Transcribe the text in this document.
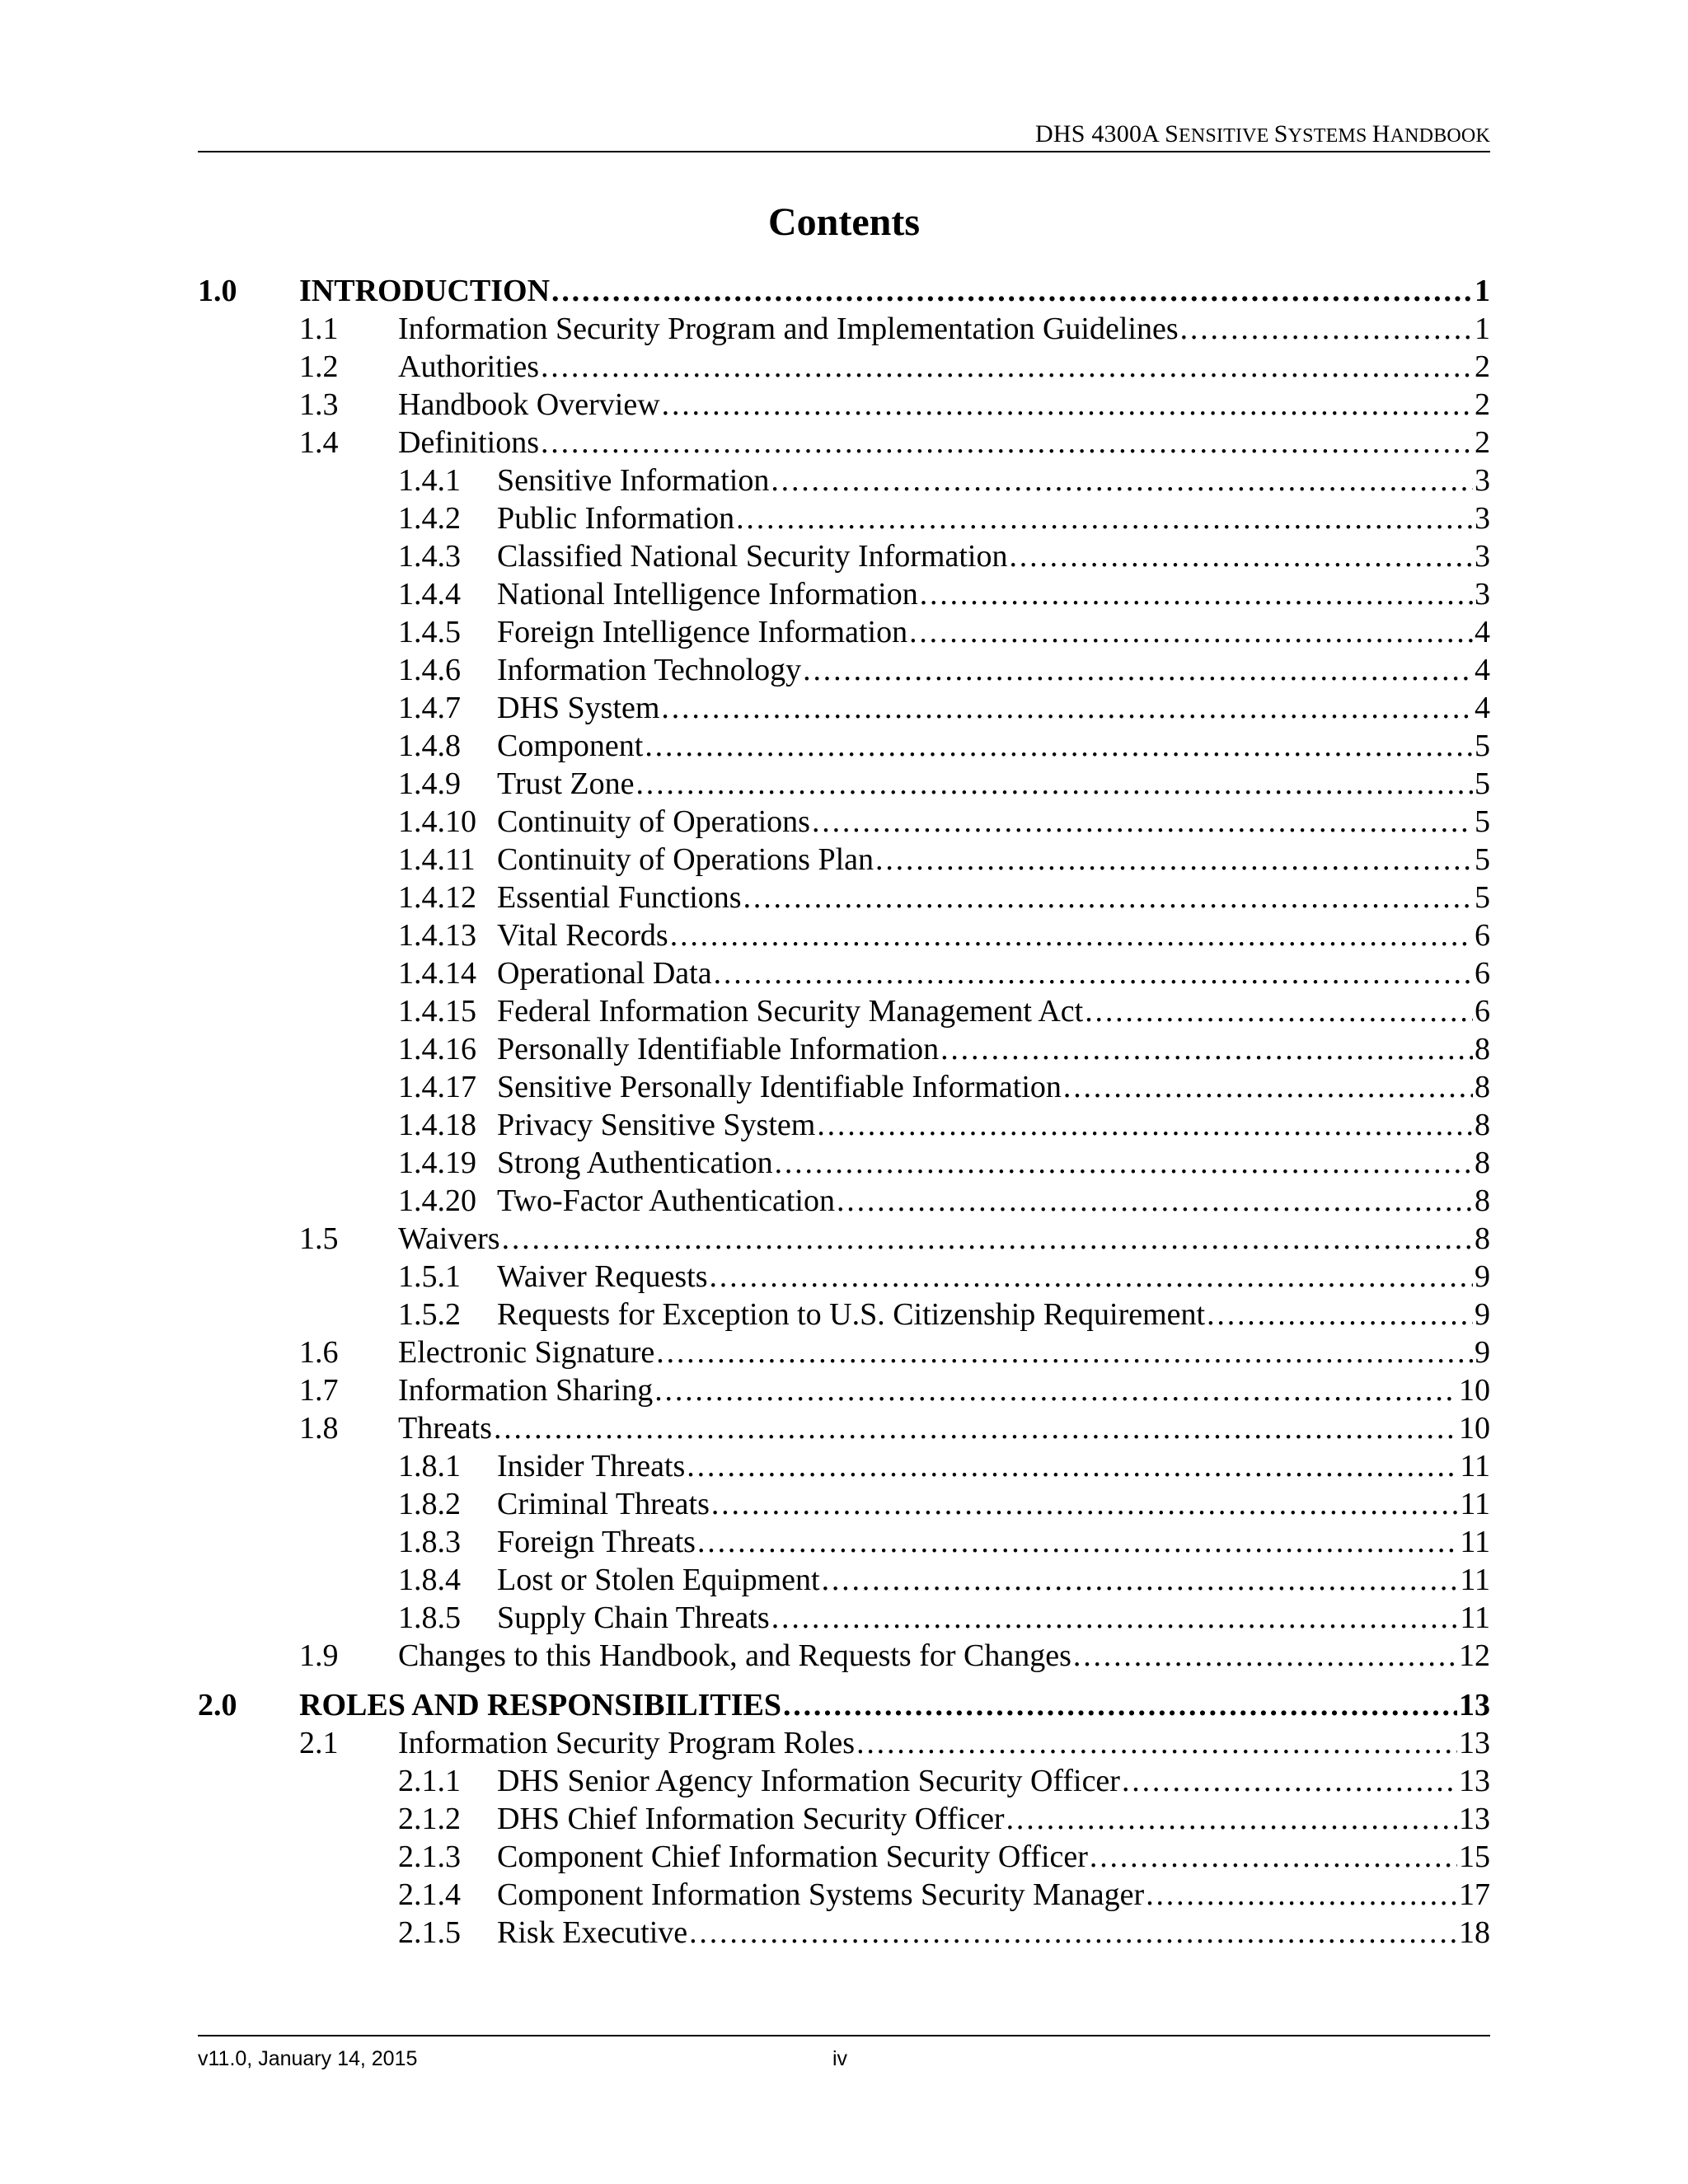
DHS 4300A SENSITIVE SYSTEMS HANDBOOK
Contents
1.0	INTRODUCTION .....	1
1.1	Information Security Program and Implementation Guidelines .....	1
1.2	Authorities .....	2
1.3	Handbook Overview .....	2
1.4	Definitions .....	2
1.4.1	Sensitive Information .....	3
1.4.2	Public Information .....	3
1.4.3	Classified National Security Information .....	3
1.4.4	National Intelligence Information .....	3
1.4.5	Foreign Intelligence Information .....	4
1.4.6	Information Technology .....	4
1.4.7	DHS System .....	4
1.4.8	Component .....	5
1.4.9	Trust Zone .....	5
1.4.10 Continuity of Operations .....	5
1.4.11 Continuity of Operations Plan .....	5
1.4.12 Essential Functions .....	5
1.4.13 Vital Records .....	6
1.4.14 Operational Data .....	6
1.4.15 Federal Information Security Management Act .....	6
1.4.16 Personally Identifiable Information .....	8
1.4.17 Sensitive Personally Identifiable Information .....	8
1.4.18 Privacy Sensitive System .....	8
1.4.19 Strong Authentication .....	8
1.4.20 Two-Factor Authentication .....	8
1.5	Waivers .....	8
1.5.1	Waiver Requests .....	9
1.5.2	Requests for Exception to U.S. Citizenship Requirement .....	9
1.6	Electronic Signature .....	9
1.7	Information Sharing .....	10
1.8	Threats .....	10
1.8.1	Insider Threats .....	11
1.8.2	Criminal Threats .....	11
1.8.3	Foreign Threats .....	11
1.8.4	Lost or Stolen Equipment .....	11
1.8.5	Supply Chain Threats .....	11
1.9	Changes to this Handbook, and Requests for Changes .....	12
2.0	ROLES AND RESPONSIBILITIES .....	13
2.1	Information Security Program Roles .....	13
2.1.1	DHS Senior Agency Information Security Officer .....	13
2.1.2	DHS Chief Information Security Officer .....	13
2.1.3	Component Chief Information Security Officer .....	15
2.1.4	Component Information Systems Security Manager .....	17
2.1.5	Risk Executive .....	18
v11.0, January 14, 2015	iv
